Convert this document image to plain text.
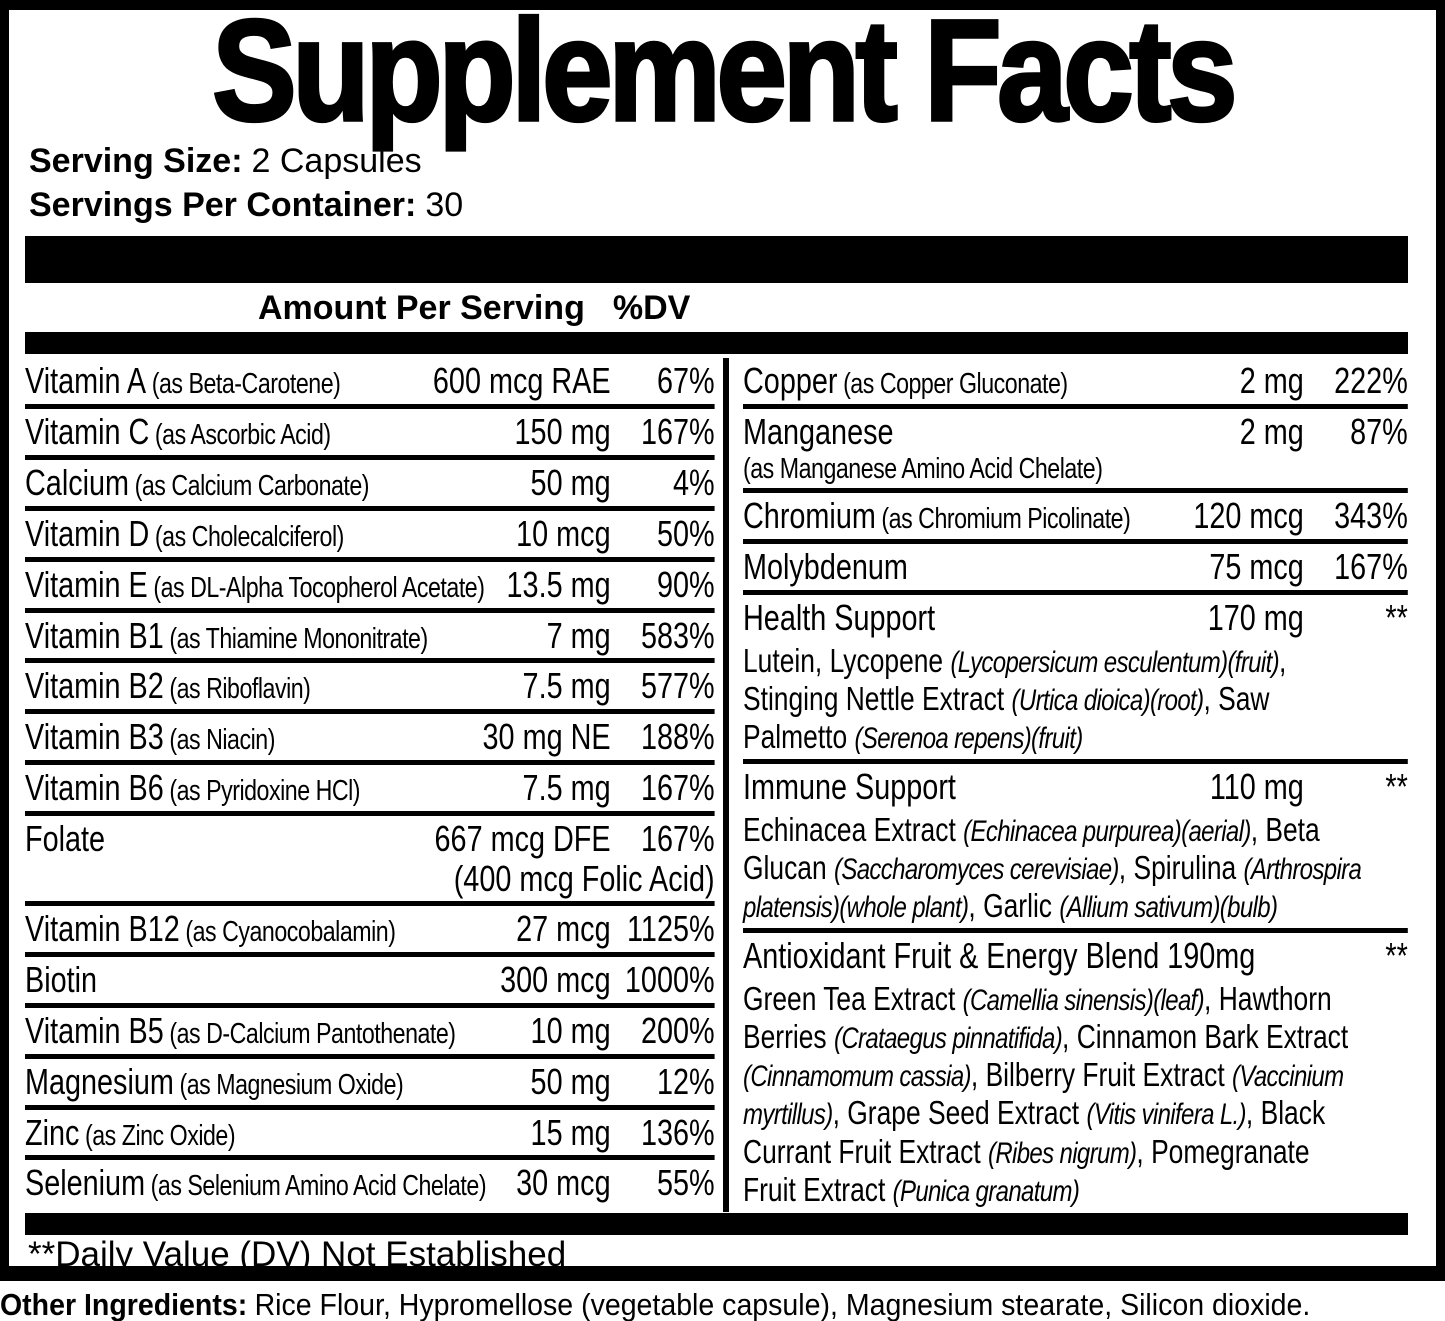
Supplement Facts
Serving Size: 2 Capsules
Servings Per Container: 30
Amount Per Serving %DV
Vitamin A (as Beta-Carotene)	600 mcg RAE	67%
Vitamin C (as Ascorbic Acid)	150 mg 167%
Calcium (as Calcium Carbonate)	50 mg	4%
Vitamin D (as Cholecalciferol)	10 mcg	50%
Vitamin E (as DL-Alpha Tocopherol Acetate) 13.5 mg	90%
Vitamin B1 (as Thiamine Mononitrate)	7 mg 583%
Vitamin B2 (as Riboflavin)	7.5 mg 577%
Vitamin B3 (as Niacin)	30 mg NE 188%
Vitamin B6 (as Pyridoxine HCl)	7.5 mg 167%
Folate	667 mcg DFE 167%
(400 mcg Folic Acid)
Vitamin B12 (as Cyanocobalamin)	27 mcg 1125%
Biotin	300 mcg 1000%
Vitamin B5 (as D-Calcium Pantothenate)	10 mg 200%
Magnesium (as Magnesium Oxide)	50 mg	12%
Zinc (as Zinc Oxide)	15 mg 136%
Selenium (as Selenium Amino Acid Chelate) 30 mcg	55%
Copper (as Copper Gluconate)	2 mg 222%
Manganese	2 mg	87%
(as Manganese Amino Acid Chelate)
Chromium (as Chromium Picolinate)	120 mcg 343%
Molybdenum	75 mcg 167%
Health Support	170 mg	**
Lutein, Lycopene (Lycopersicum esculentum)(fruit),
Stinging Nettle Extract (Urtica dioica)(root), Saw
Palmetto (Serenoa repens)(fruit)
Immune Support	110 mg	**
Echinacea Extract (Echinacea purpurea)(aerial), Beta
Glucan (Saccharomyces cerevisiae), Spirulina (Arthrospira
platensis)(whole plant), Garlic (Allium sativum)(bulb)
Antioxidant Fruit & Energy Blend 190mg	**
Green Tea Extract (Camellia sinensis)(leaf), Hawthorn
Berries (Crataegus pinnatifida), Cinnamon Bark Extract
(Cinnamomum cassia), Bilberry Fruit Extract (Vaccinium
myrtillus), Grape Seed Extract (Vitis vinifera L.), Black
Currant Fruit Extract (Ribes nigrum), Pomegranate
Fruit Extract (Punica granatum)
**Daily Value (DV) Not Established
Other Ingredients: Rice Flour, Hypromellose (vegetable capsule), Magnesium stearate, Silicon dioxide.
